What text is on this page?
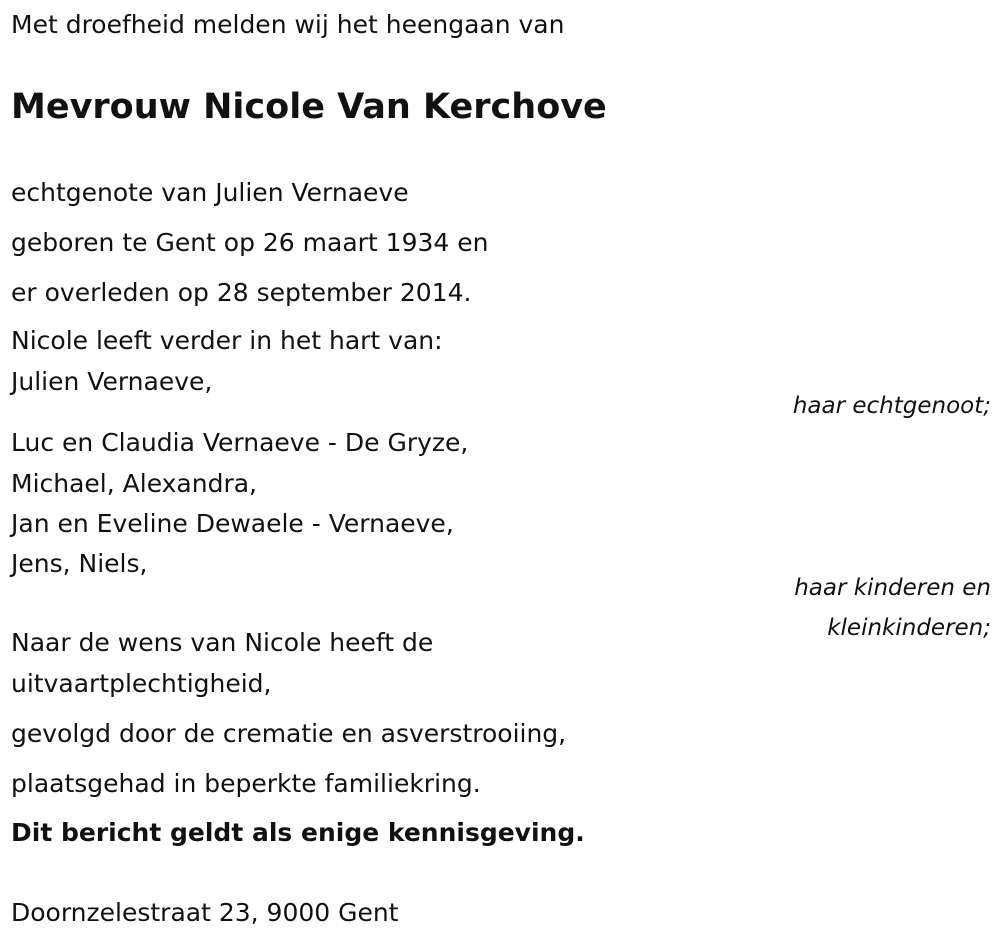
Met droefheid melden wij het heengaan van
Mevrouw Nicole Van Kerchove
echtgenote van Julien Vernaeve
geboren te Gent op 26 maart 1934 en
er overleden op 28 september 2014.
Nicole leeft verder in het hart van:
Julien Vernaeve,
haar echtgenoot;
Luc en Claudia Vernaeve - De Gryze,
Michael, Alexandra,
Jan en Eveline Dewaele - Vernaeve,
Jens, Niels,
haar kinderen en
kleinkinderen;
Naar de wens van Nicole heeft de
uitvaartplechtigheid,
gevolgd door de crematie en asverstrooiing,
plaatsgehad in beperkte familiekring.
Dit bericht geldt als enige kennisgeving.
Doornzelestraat 23, 9000 Gent
